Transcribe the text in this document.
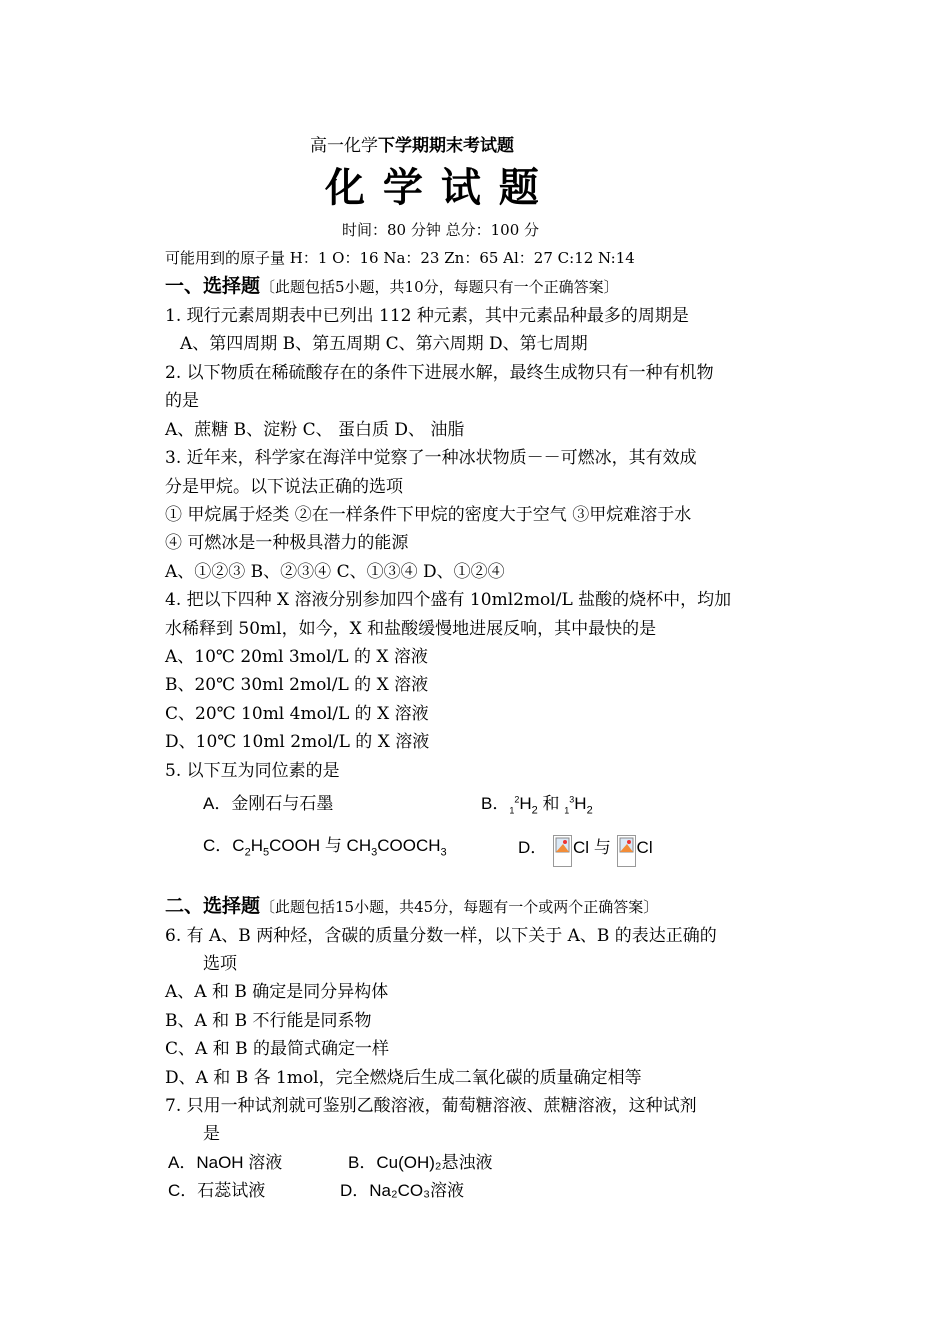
高一化学下学期期末考试题
化 学 试 题
时间：80 分钟 总分：100 分
可能用到的原子量 H：1 O：16 Na：23 Zn：65 Al：27 C:12 N:14
一、选择题〔此题包括5小题，共10分，每题只有一个正确答案〕
1. 现行元素周期表中已列出 112 种元素，其中元素品种最多的周期是
A、第四周期 B、第五周期 C、第六周期 D、第七周期
2. 以下物质在稀硫酸存在的条件下进展水解，最终生成物只有一种有机物
的是
A、蔗糖 B、淀粉 C、 蛋白质 D、 油脂
3. 近年来，科学家在海洋中觉察了一种冰状物质－－可燃冰，其有效成
分是甲烷。以下说法正确的选项
① 甲烷属于烃类 ②在一样条件下甲烷的密度大于空气 ③甲烷难溶于水
④ 可燃冰是一种极具潜力的能源
A、①②③ B、②③④ C、①③④ D、①②④
4. 把以下四种 X 溶液分别参加四个盛有 10ml2mol/L 盐酸的烧杯中，均加
水稀释到 50ml，如今，X 和盐酸缓慢地进展反响，其中最快的是
A、10℃ 20ml 3mol/L 的 X 溶液
B、20℃ 30ml 2mol/L 的 X 溶液
C、20℃ 10ml 4mol/L 的 X 溶液
D、10℃ 10ml 2mol/L 的 X 溶液
5. 以下互为同位素的是
A．金刚石与石墨	B．$_1^2H_2$ 和 $_1^3H_2$
C．$C_2H_5COOH$ 与 $CH_3COOCH_3$	D． Cl 与 Cl
二、选择题〔此题包括15小题，共45分，每题有一个或两个正确答案〕
6. 有 A、B 两种烃，含碳的质量分数一样，以下关于 A、B 的表达正确的
选项
A、A 和 B 确定是同分异构体
B、A 和 B 不行能是同系物
C、A 和 B 的最简式确定一样
D、A 和 B 各 1mol，完全燃烧后生成二氧化碳的质量确定相等
7. 只用一种试剂就可鉴别乙酸溶液，葡萄糖溶液、蔗糖溶液，这种试剂
是
A．NaOH 溶液	B．Cu(OH)₂悬浊液
C．石蕊试液	D．Na₂CO₃溶液
